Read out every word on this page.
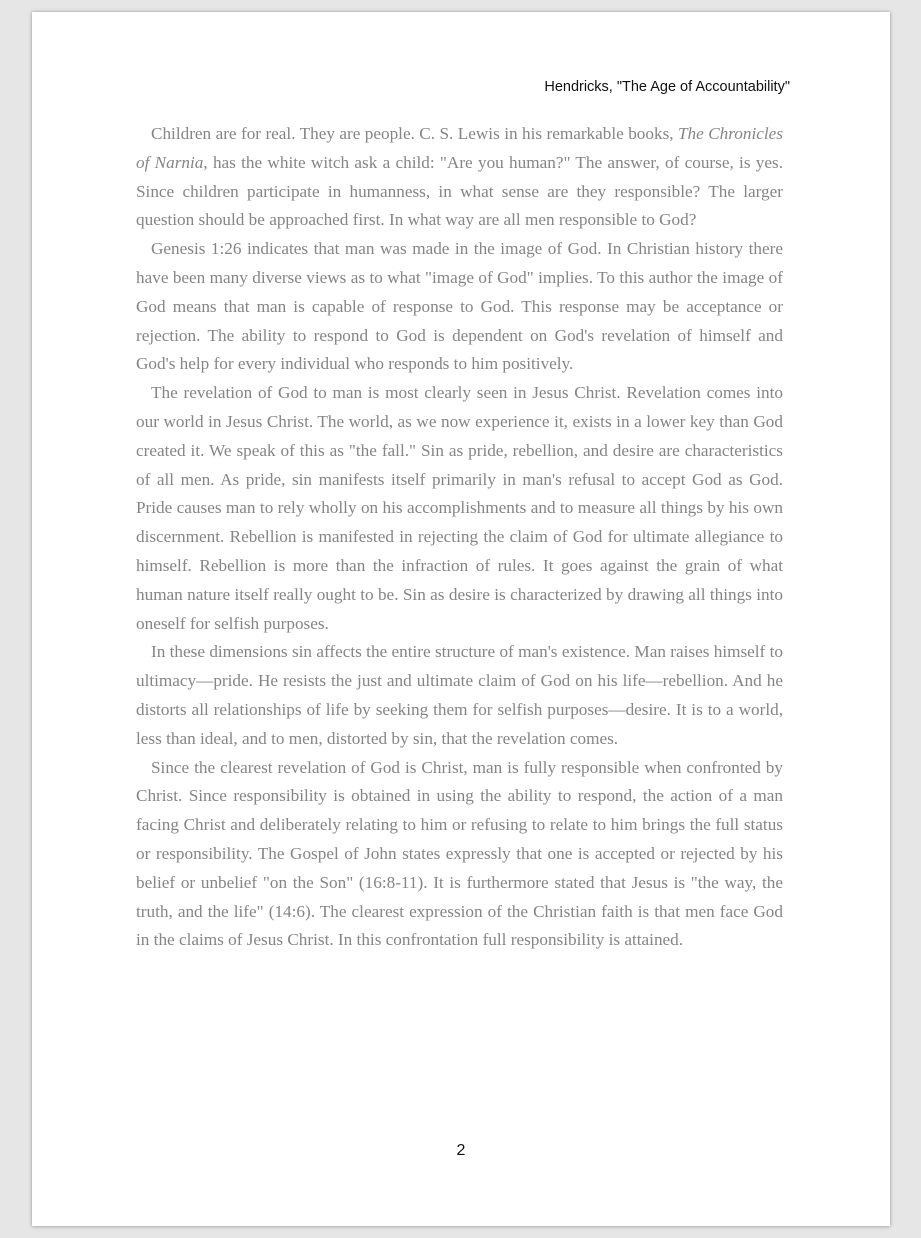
Hendricks, "The Age of Accountability"

Children are for real. They are people. C. S. Lewis in his remarkable books, The Chronicles of Narnia, has the white witch ask a child: "Are you human?" The answer, of course, is yes. Since children participate in humanness, in what sense are they responsible? The larger question should be approached first. In what way are all men responsible to God?

Genesis 1:26 indicates that man was made in the image of God. In Christian history there have been many diverse views as to what "image of God" implies. To this author the image of God means that man is capable of response to God. This response may be acceptance or rejection. The ability to respond to God is dependent on God's revelation of himself and God's help for every individual who responds to him positively.

The revelation of God to man is most clearly seen in Jesus Christ. Revelation comes into our world in Jesus Christ. The world, as we now experience it, exists in a lower key than God created it. We speak of this as "the fall." Sin as pride, rebellion, and desire are characteristics of all men. As pride, sin manifests itself primarily in man's refusal to accept God as God. Pride causes man to rely wholly on his accomplishments and to measure all things by his own discernment. Rebellion is manifested in rejecting the claim of God for ultimate allegiance to himself. Rebellion is more than the infraction of rules. It goes against the grain of what human nature itself really ought to be. Sin as desire is characterized by drawing all things into oneself for selfish purposes.

In these dimensions sin affects the entire structure of man's existence. Man raises himself to ultimacy—pride. He resists the just and ultimate claim of God on his life—rebellion. And he distorts all relationships of life by seeking them for selfish purposes—desire. It is to a world, less than ideal, and to men, distorted by sin, that the revelation comes.

Since the clearest revelation of God is Christ, man is fully responsible when confronted by Christ. Since responsibility is obtained in using the ability to respond, the action of a man facing Christ and deliberately relating to him or refusing to relate to him brings the full status or responsibility. The Gospel of John states expressly that one is accepted or rejected by his belief or unbelief "on the Son" (16:8-11). It is furthermore stated that Jesus is "the way, the truth, and the life" (14:6). The clearest expression of the Christian faith is that men face God in the claims of Jesus Christ. In this confrontation full responsibility is attained.

2
